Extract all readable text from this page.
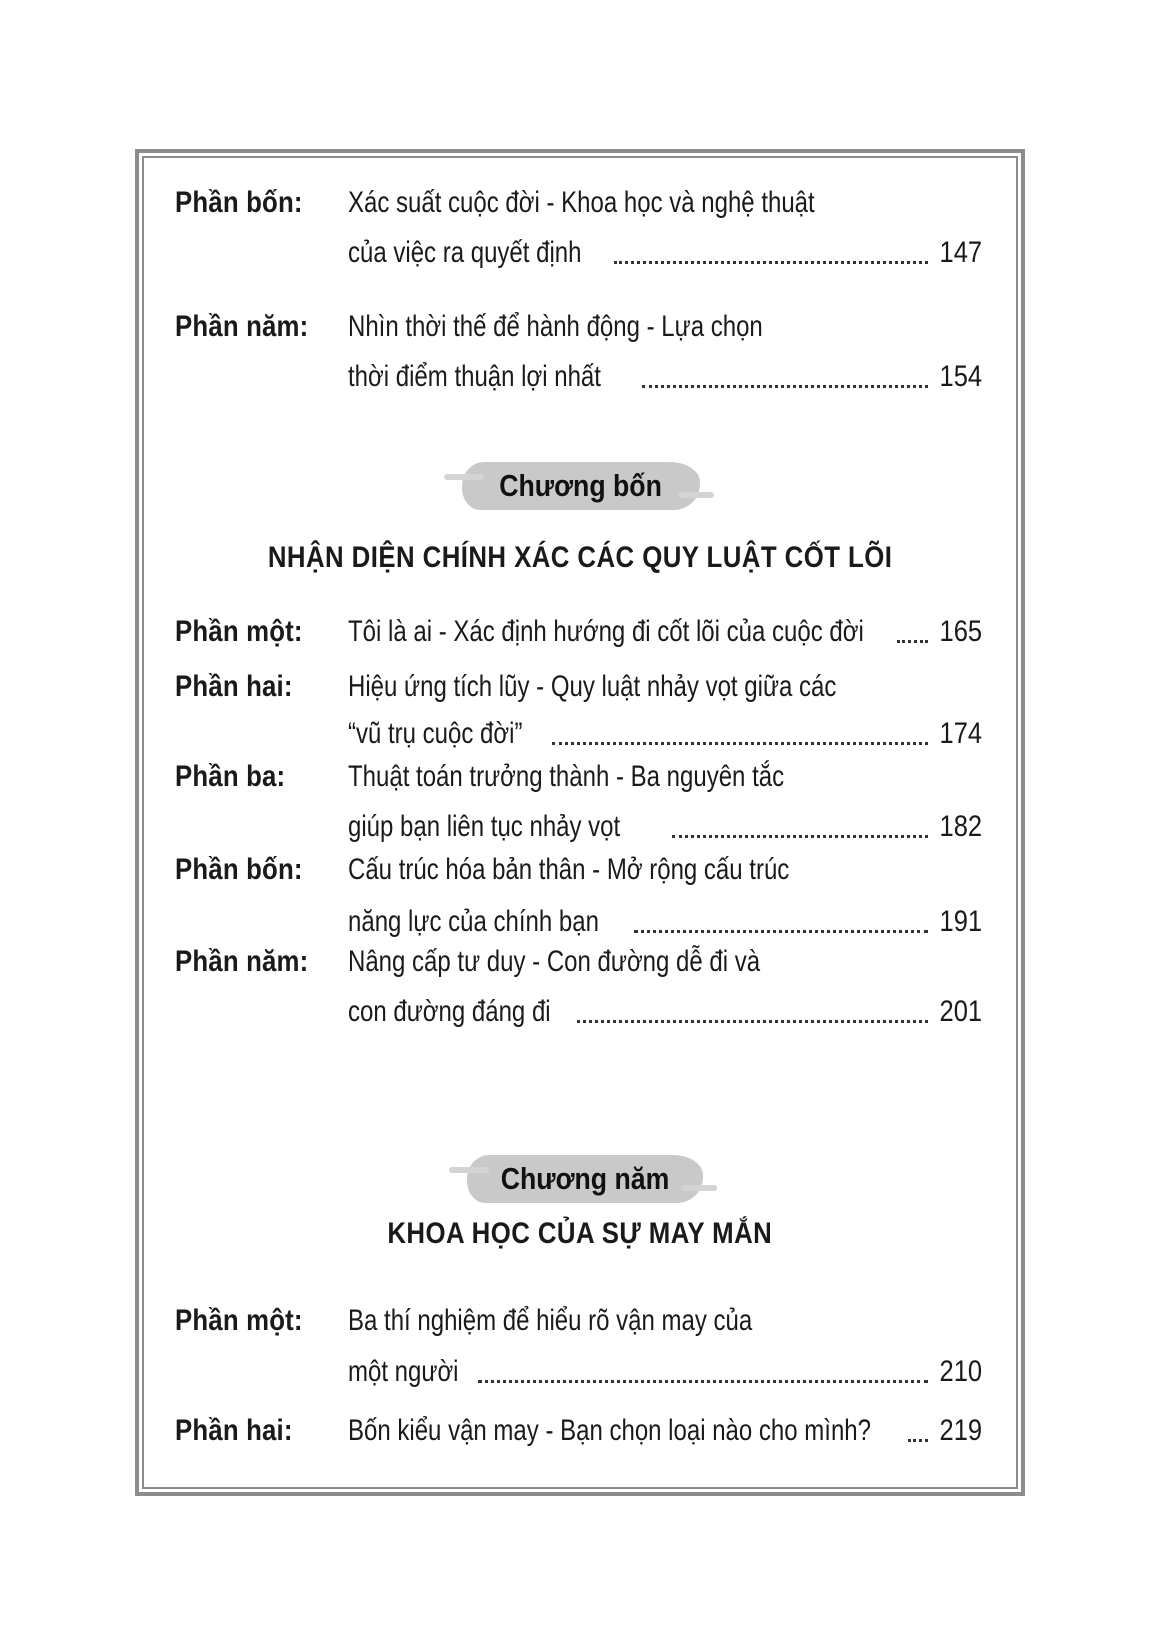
Phần bốn: Xác suất cuộc đời - Khoa học và nghệ thuật
của việc ra quyết định	147
Phần năm: Nhìn thời thế để hành động - Lựa chọn
thời điểm thuận lợi nhất	154
Chương bốn
NHẬN DIỆN CHÍNH XÁC CÁC QUY LUẬT CỐT LÕI
Phần một: Tôi là ai - Xác định hướng đi cốt lõi của cuộc đời	165
Phần hai: Hiệu ứng tích lũy - Quy luật nhảy vọt giữa các
“vũ trụ cuộc đời”	174
Phần ba: Thuật toán trưởng thành - Ba nguyên tắc
giúp bạn liên tục nhảy vọt	182
Phần bốn: Cấu trúc hóa bản thân - Mở rộng cấu trúc
năng lực của chính bạn	191
Phần năm: Nâng cấp tư duy - Con đường dễ đi và
con đường đáng đi	201
Chương năm
KHOA HỌC CỦA SỰ MAY MẮN
Phần một: Ba thí nghiệm để hiểu rõ vận may của
một người	210
Phần hai: Bốn kiểu vận may - Bạn chọn loại nào cho mình?	219
